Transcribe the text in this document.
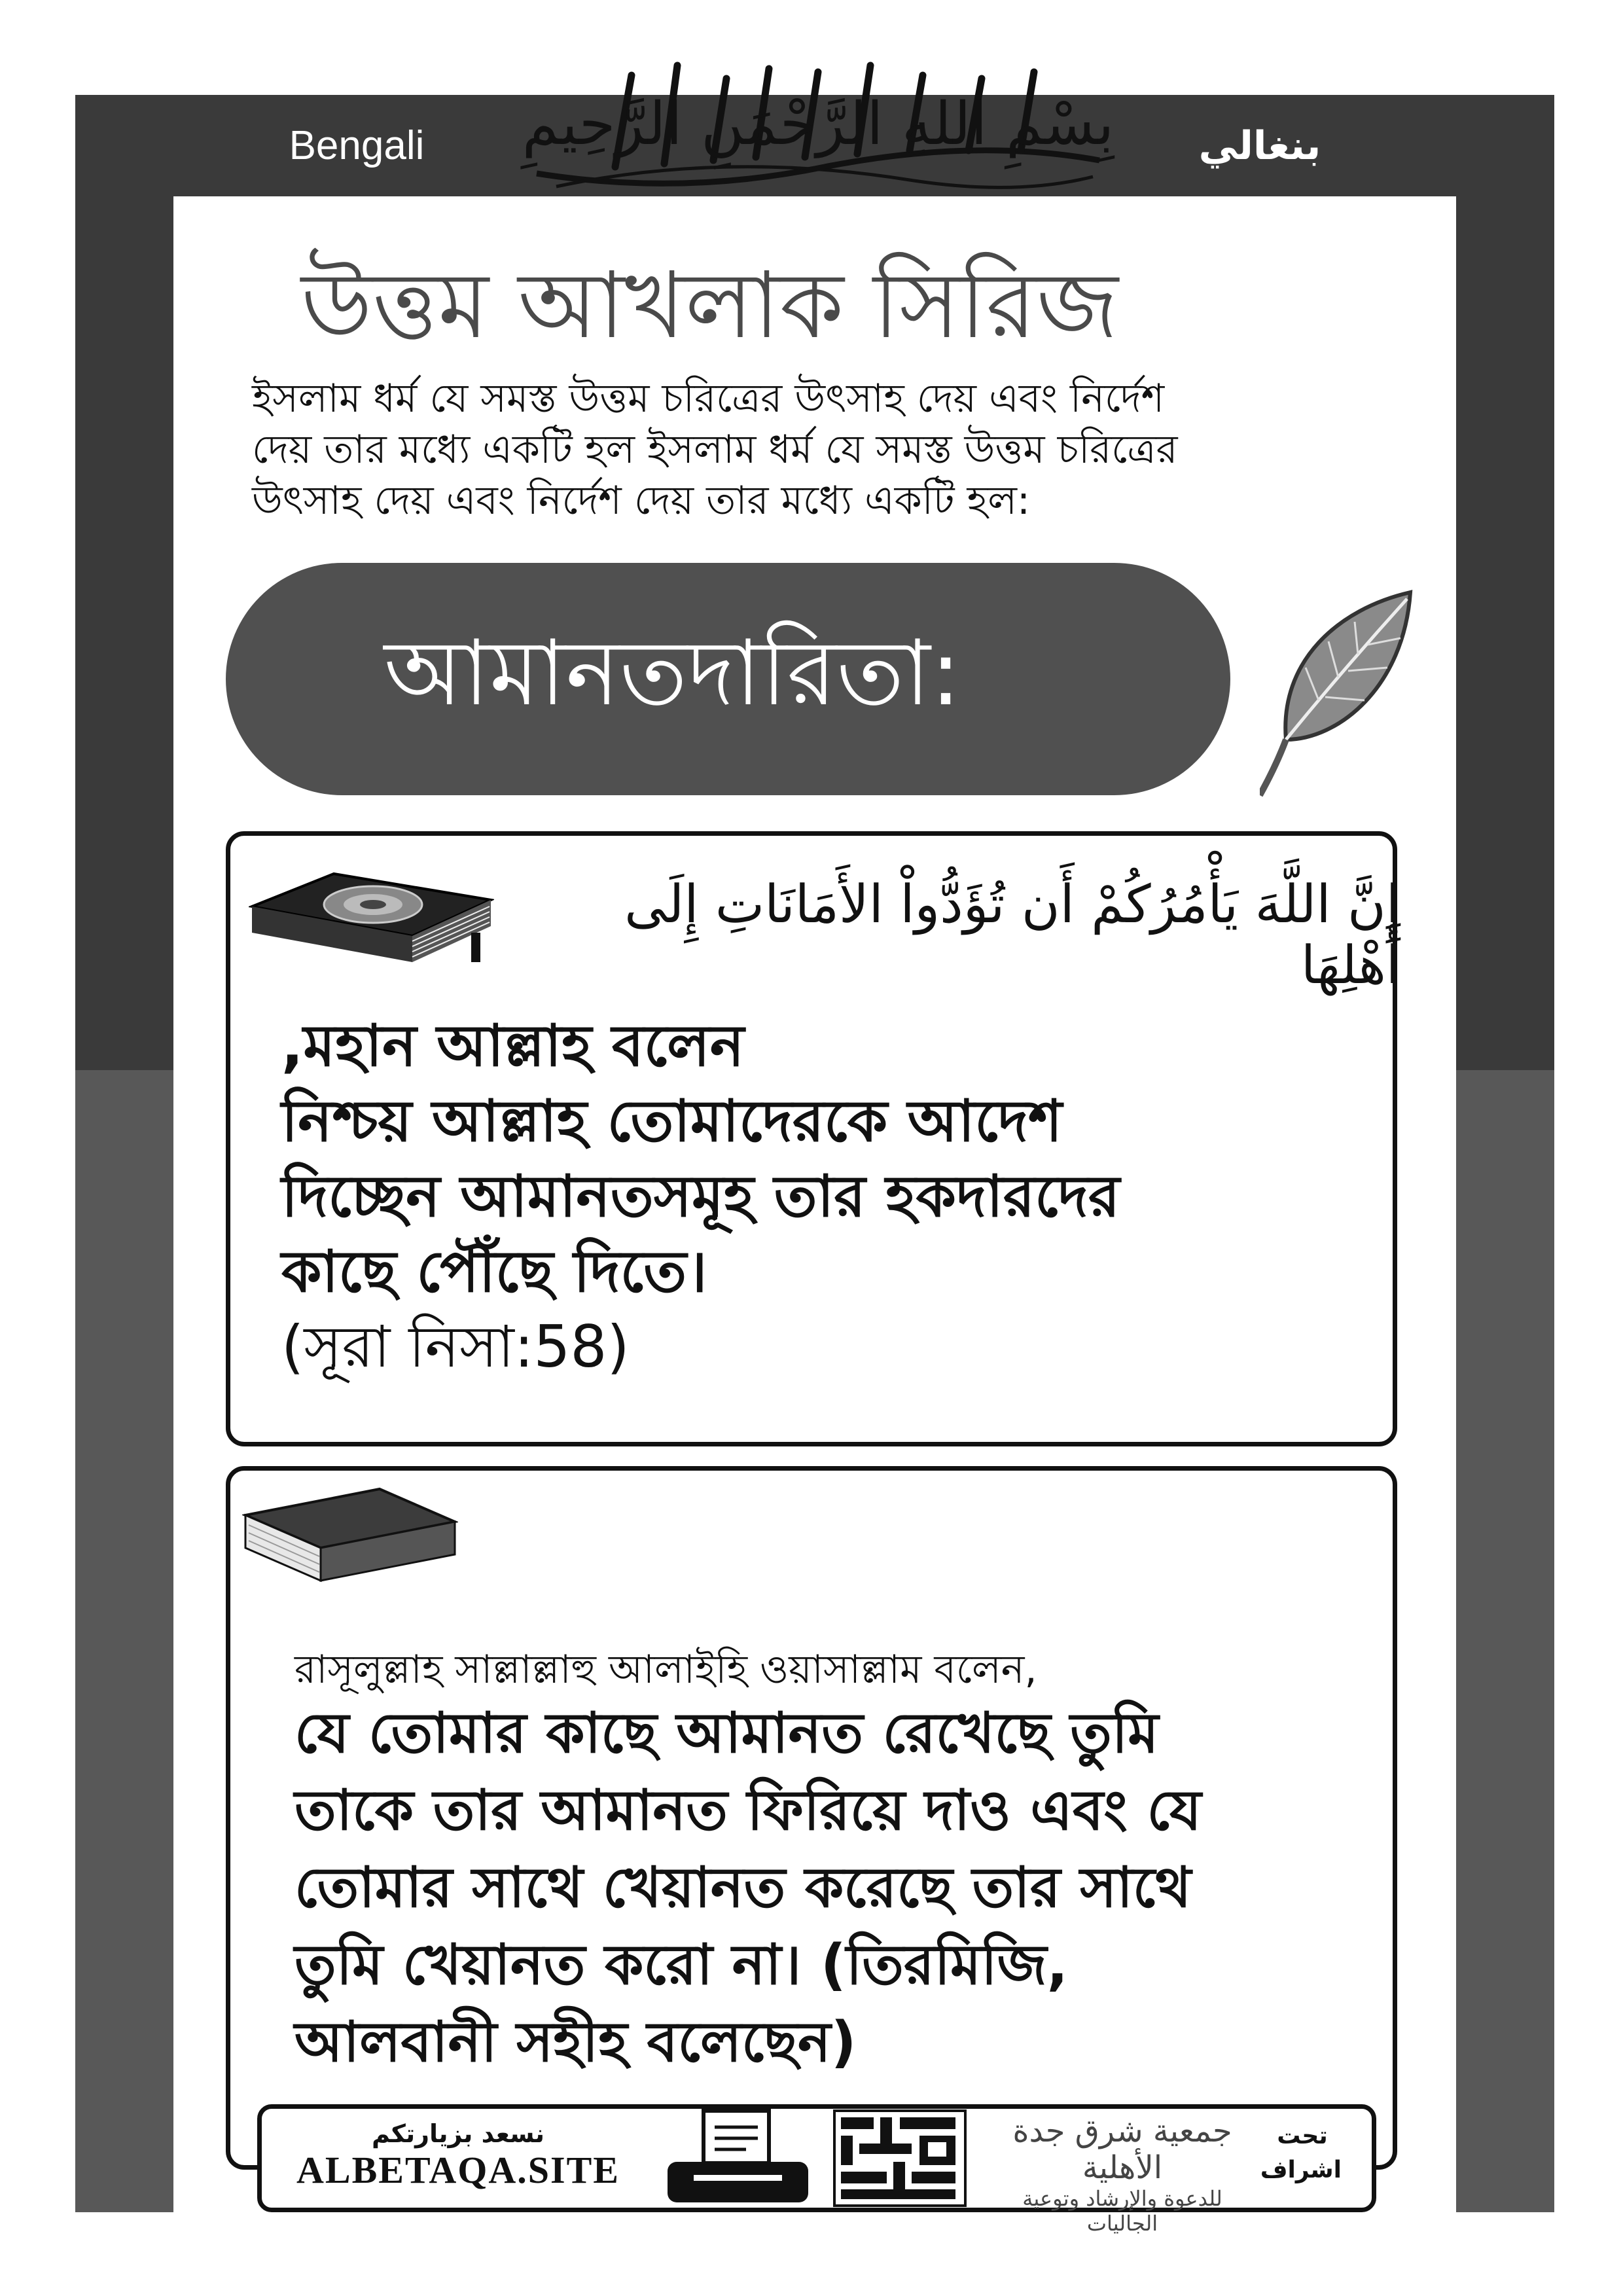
Bengali	بنغالي
بِسْمِ اللهِ الرَّحْمَنِ الرَّحِيمِ
উত্তম আখলাক সিরিজ
ইসলাম ধর্ম যে সমস্ত উত্তম চরিত্রের উৎসাহ দেয় এবং নির্দেশ
দেয় তার মধ্যে একটি হল ইসলাম ধর্ম যে সমস্ত উত্তম চরিত্রের
উৎসাহ দেয় এবং নির্দেশ দেয় তার মধ্যে একটি হল:
আমানতদারিতা:
إِنَّ اللَّهَ يَأْمُرُكُمْ أَن تُؤَدُّواْ الأَمَانَاتِ إِلَى أَهْلِهَا
,মহান আল্লাহ বলেন
নিশ্চয় আল্লাহ তোমাদেরকে আদেশ
দিচ্ছেন আমানতসমূহ তার হকদারদের
কাছে পৌঁছে দিতে।
(সূরা নিসা:58)
রাসূলুল্লাহ সাল্লাল্লাহু আলাইহি ওয়াসাল্লাম বলেন,
যে তোমার কাছে আমানত রেখেছে তুমি
তাকে তার আমানত ফিরিয়ে দাও এবং যে
তোমার সাথে খেয়ানত করেছে তার সাথে
তুমি খেয়ানত করো না। (তিরমিজি,
আলবানী সহীহ বলেছেন)
نسعد بزيارتكم
ALBETAQA.SITE
جمعية شرق جدة الأهلية
للدعوة والإرشاد وتوعية الجاليات
تحت
اشراف
